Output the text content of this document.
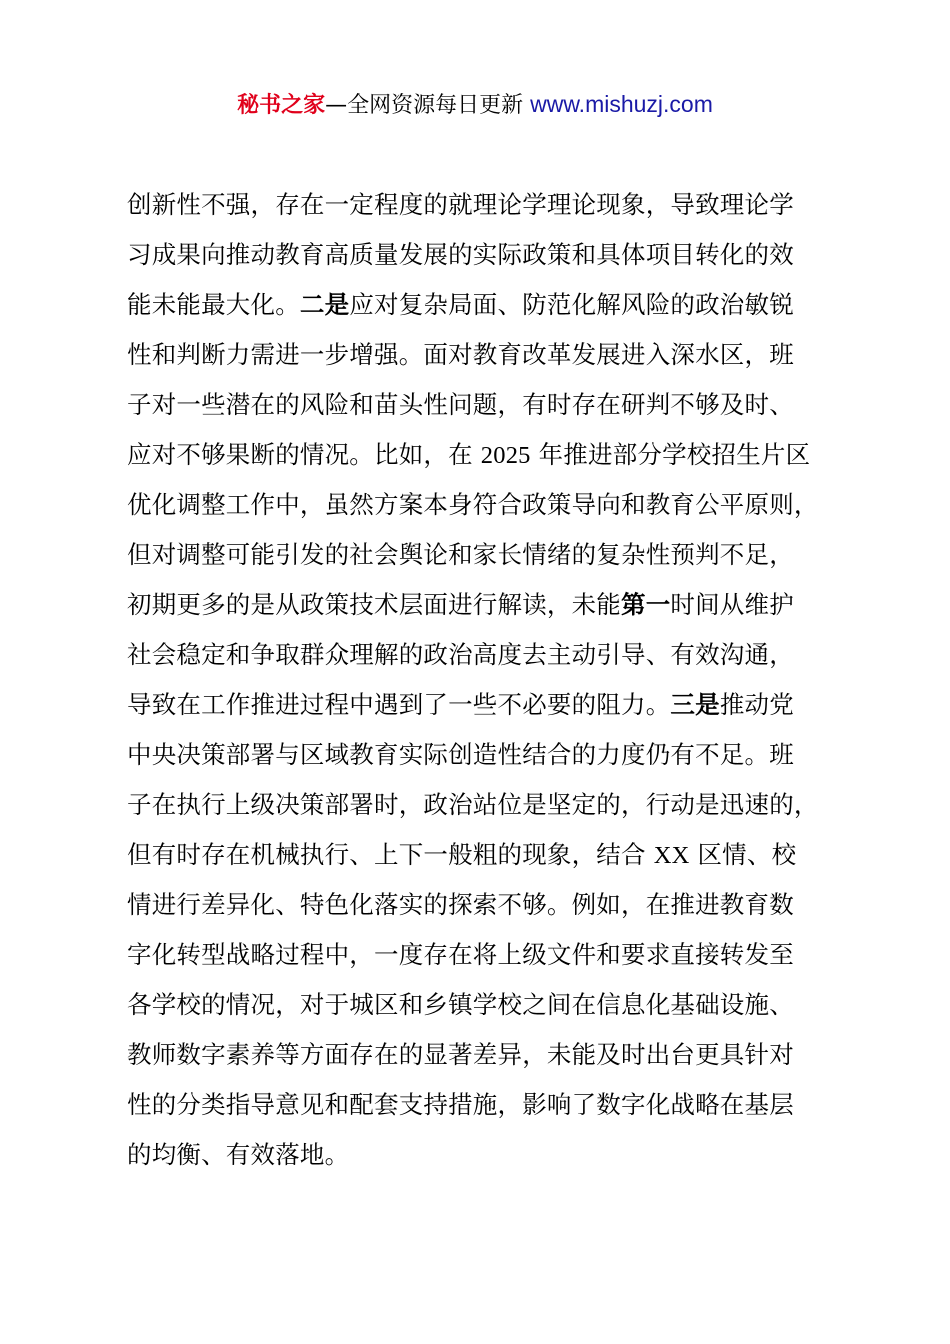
秘书之家—全网资源每日更新 www.mishuzj.com
创新性不强，存在一定程度的就理论学理论现象，导致理论学
习成果向推动教育高质量发展的实际政策和具体项目转化的效
能未能最大化。二是应对复杂局面、防范化解风险的政治敏锐
性和判断力需进一步增强。面对教育改革发展进入深水区，班
子对一些潜在的风险和苗头性问题，有时存在研判不够及时、
应对不够果断的情况。比如，在 2025 年推进部分学校招生片区
优化调整工作中，虽然方案本身符合政策导向和教育公平原则，
但对调整可能引发的社会舆论和家长情绪的复杂性预判不足，
初期更多的是从政策技术层面进行解读，未能第一时间从维护
社会稳定和争取群众理解的政治高度去主动引导、有效沟通，
导致在工作推进过程中遇到了一些不必要的阻力。三是推动党
中央决策部署与区域教育实际创造性结合的力度仍有不足。班
子在执行上级决策部署时，政治站位是坚定的，行动是迅速的，
但有时存在机械执行、上下一般粗的现象，结合 XX 区情、校
情进行差异化、特色化落实的探索不够。例如，在推进教育数
字化转型战略过程中，一度存在将上级文件和要求直接转发至
各学校的情况，对于城区和乡镇学校之间在信息化基础设施、
教师数字素养等方面存在的显著差异，未能及时出台更具针对
性的分类指导意见和配套支持措施，影响了数字化战略在基层
的均衡、有效落地。
